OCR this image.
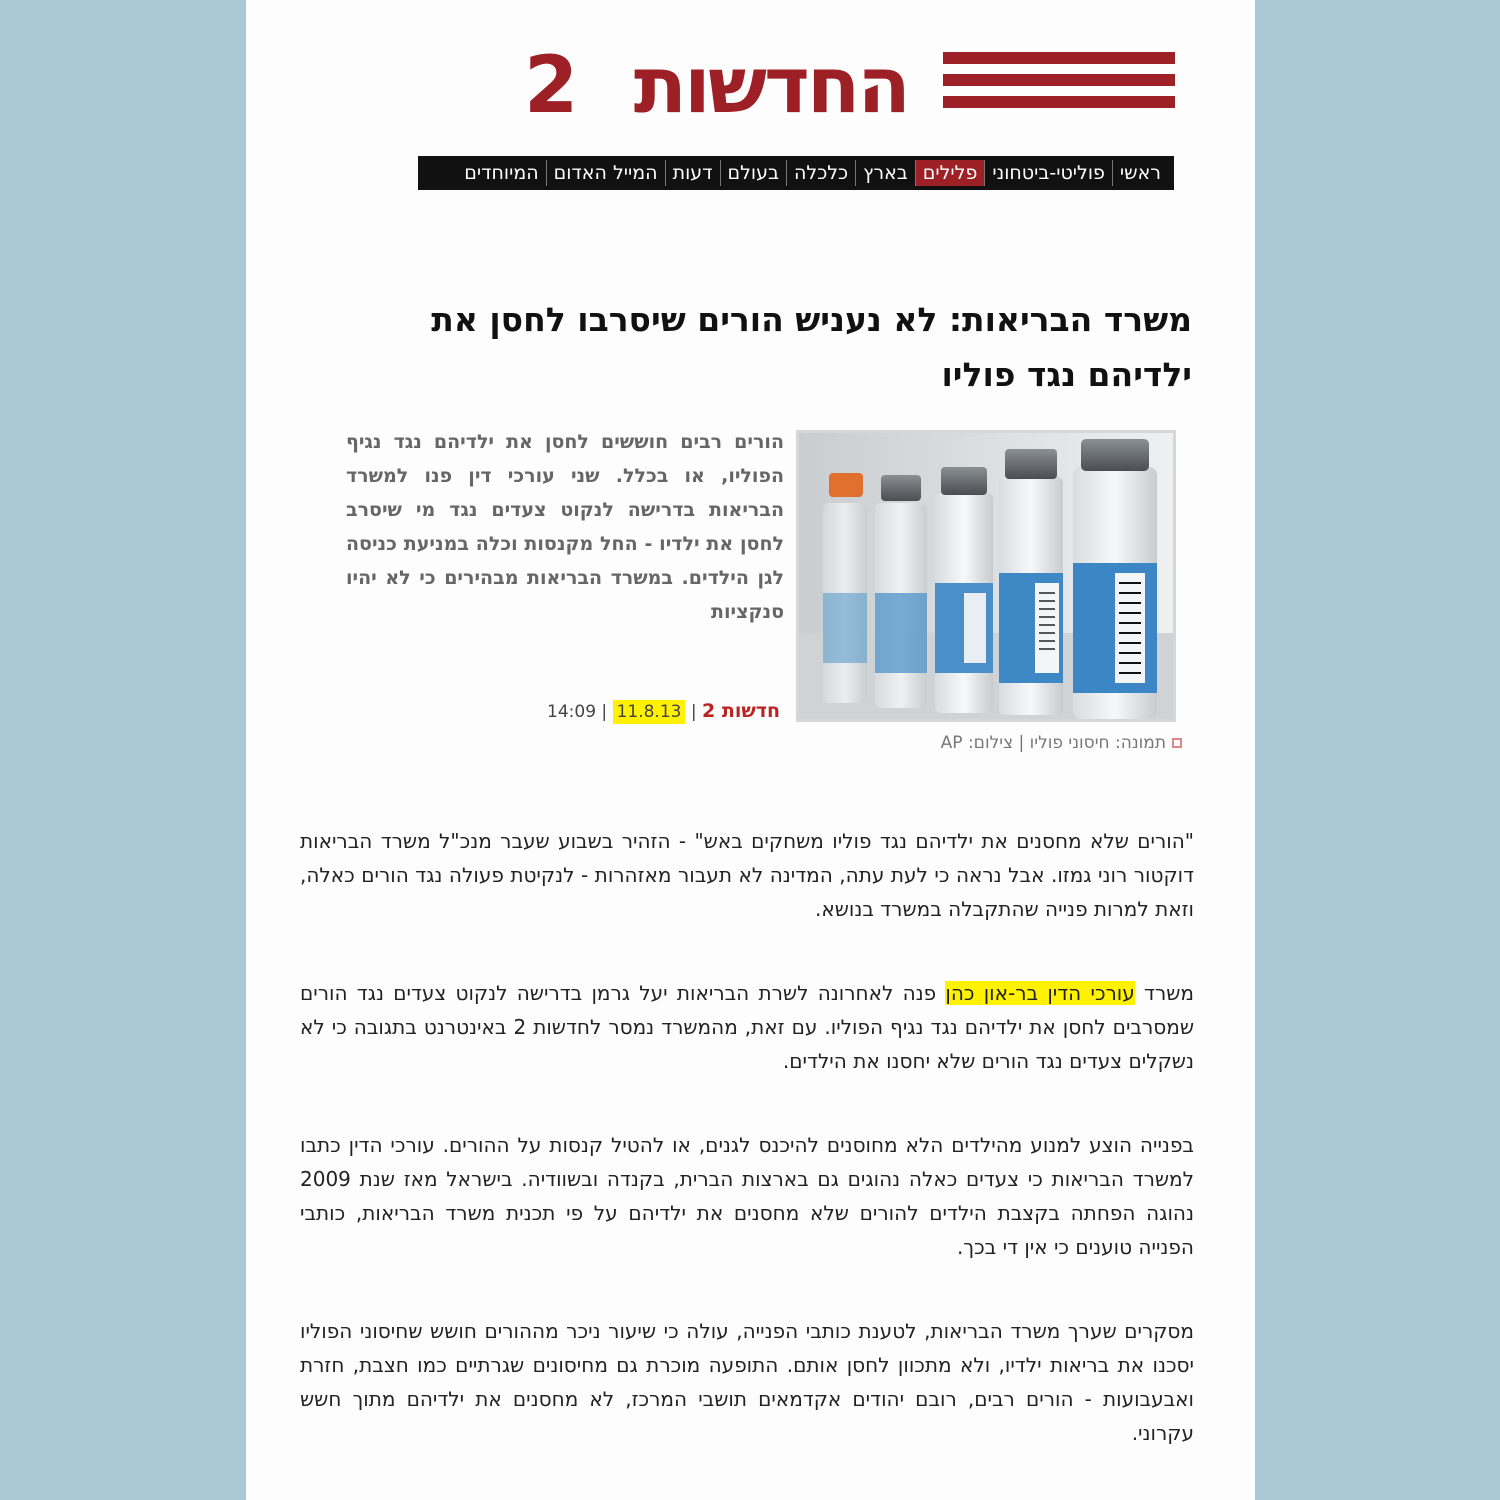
2 החדשות
ראשי
פוליטי-ביטחוני
פלילים
בארץ
כלכלה
בעולם
דעות
המייל האדום
המיוחדים
משרד הבריאות: לא נעניש הורים שיסרבו לחסן את ילדיהם נגד פוליו
תמונה: חיסוני פוליו | צילום: AP

הורים רבים חוששים לחסן את ילדיהם נגד נגיף הפוליו, או בכלל. שני עורכי דין פנו למשרד הבריאות בדרישה לנקוט צעדים נגד מי שיסרב לחסן את ילדיו - החל מקנסות וכלה במניעת כניסה לגן הילדים. במשרד הבריאות מבהירים כי לא יהיו סנקציות

חדשות 2 | 11.8.13 | 14:09

"הורים שלא מחסנים את ילדיהם נגד פוליו משחקים באש" - הזהיר בשבוע שעבר מנכ"ל משרד הבריאות דוקטור רוני גמזו. אבל נראה כי לעת עתה, המדינה לא תעבור מאזהרות - לנקיטת פעולה נגד הורים כאלה, וזאת למרות פנייה שהתקבלה במשרד בנושא.

משרד עורכי הדין בר-און כהן פנה לאחרונה לשרת הבריאות יעל גרמן בדרישה לנקוט צעדים נגד הורים שמסרבים לחסן את ילדיהם נגד נגיף הפוליו. עם זאת, מהמשרד נמסר לחדשות 2 באינטרנט בתגובה כי לא נשקלים צעדים נגד הורים שלא יחסנו את הילדים.

בפנייה הוצע למנוע מהילדים הלא מחוסנים להיכנס לגנים, או להטיל קנסות על ההורים. עורכי הדין כתבו למשרד הבריאות כי צעדים כאלה נהוגים גם בארצות הברית, בקנדה ובשוודיה. בישראל מאז שנת 2009 נהוגה הפחתה בקצבת הילדים להורים שלא מחסנים את ילדיהם על פי תכנית משרד הבריאות, כותבי הפנייה טוענים כי אין די בכך.

מסקרים שערך משרד הבריאות, לטענת כותבי הפנייה, עולה כי שיעור ניכר מההורים חושש שחיסוני הפוליו יסכנו את בריאות ילדיו, ולא מתכוון לחסן אותם. התופעה מוכרת גם מחיסונים שגרתיים כמו חצבת, חזרת ואבעבועות - הורים רבים, רובם יהודים אקדמאים תושבי המרכז, לא מחסנים את ילדיהם מתוך חשש עקרוני.
